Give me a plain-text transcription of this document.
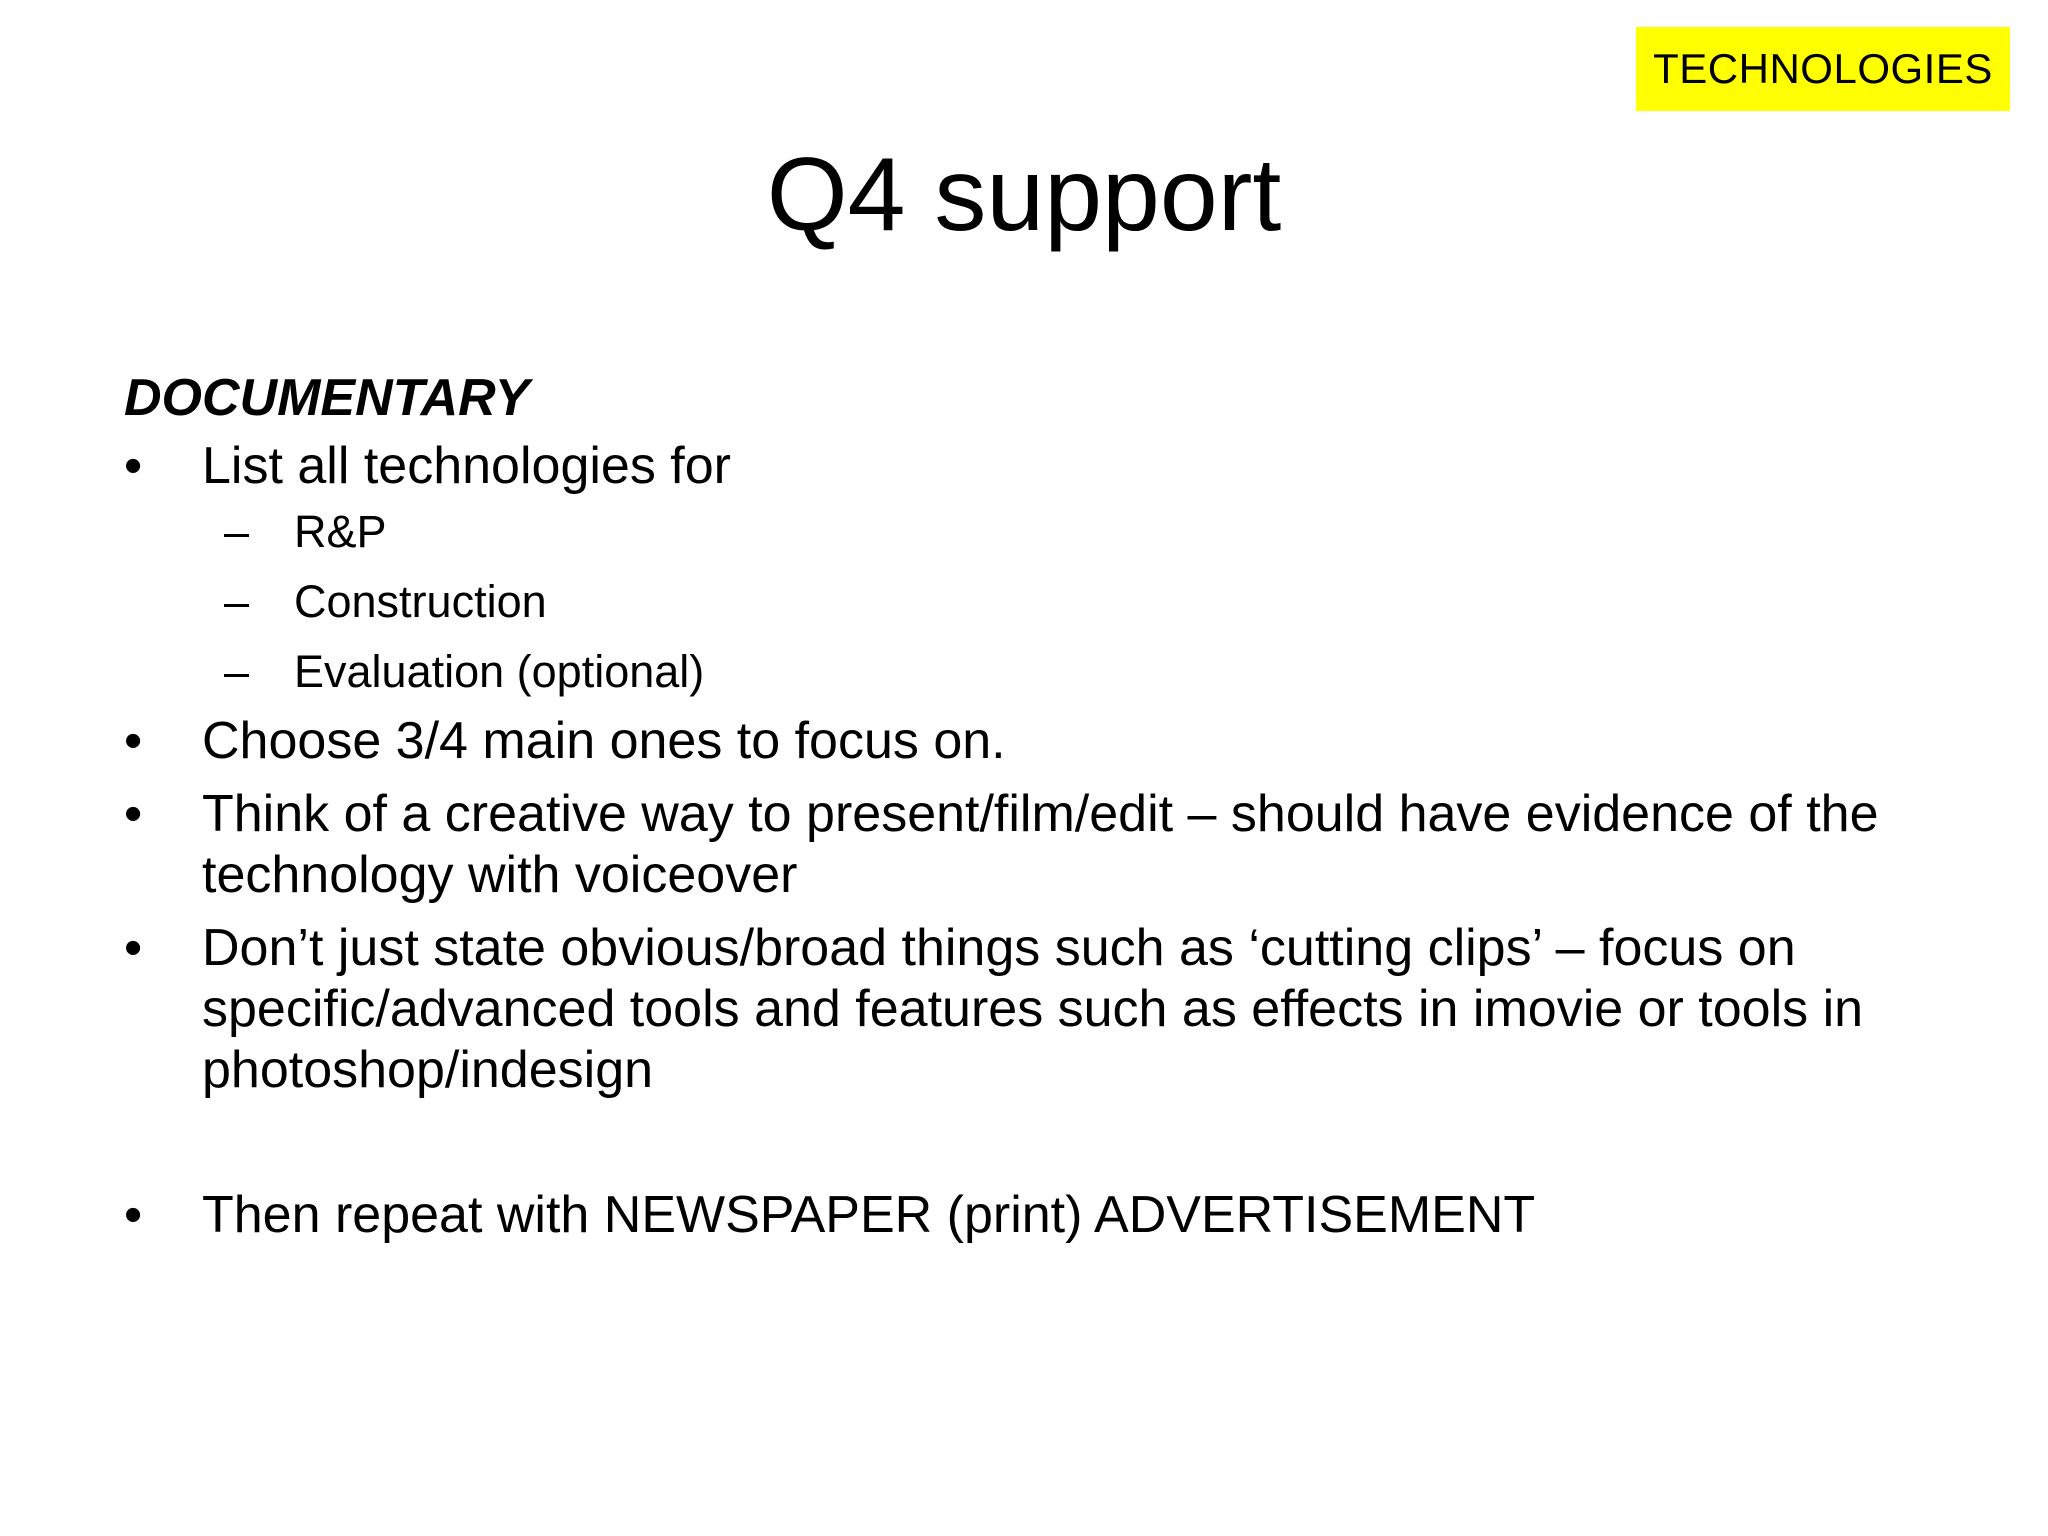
TECHNOLOGIES
Q4 support
DOCUMENTARY
• List all technologies for
– R&P
– Construction
– Evaluation (optional)
• Choose 3/4 main ones to focus on.
• Think of a creative way to present/film/edit – should have evidence of the technology with voiceover
• Don’t just state obvious/broad things such as ‘cutting clips’ – focus on specific/advanced tools and features such as effects in imovie or tools in photoshop/indesign
• Then repeat with NEWSPAPER (print) ADVERTISEMENT
